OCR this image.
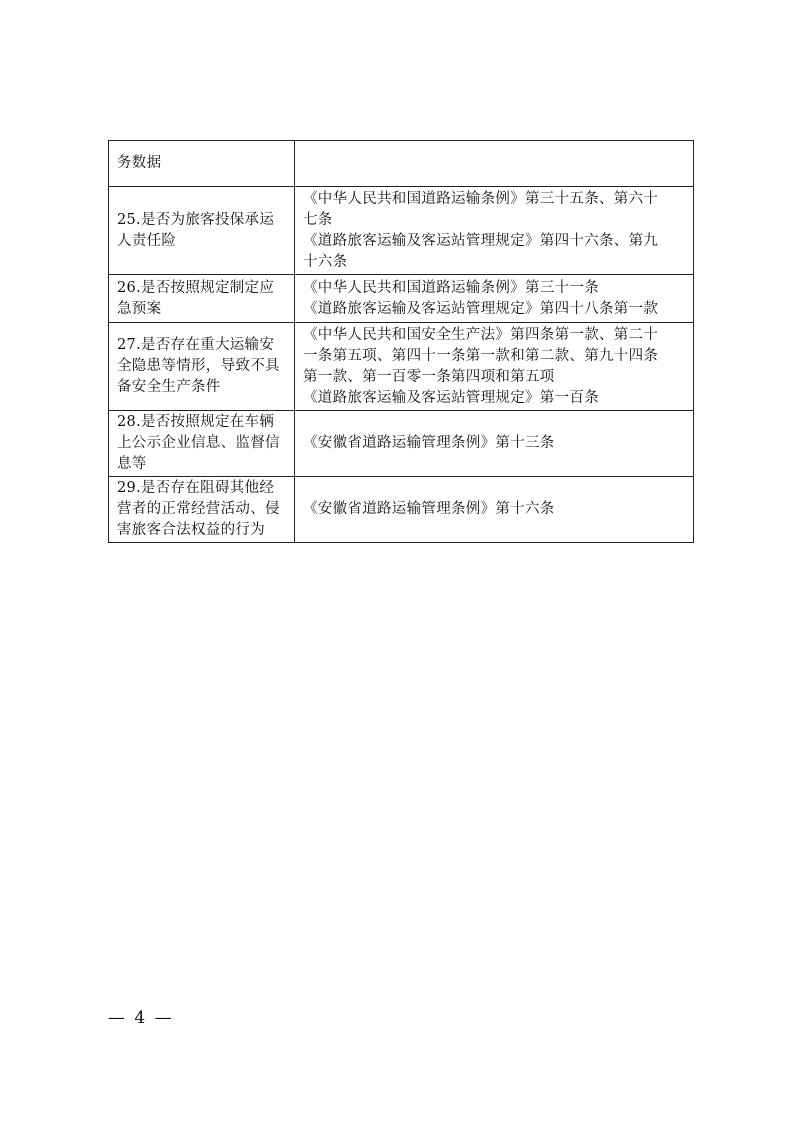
务数据	

25.是否为旅客投保承运
人责任险	《中华人民共和国道路运输条例》第三十五条、第六十
七条
《道路旅客运输及客运站管理规定》第四十六条、第九
十六条

26.是否按照规定制定应
急预案	《中华人民共和国道路运输条例》第三十一条
《道路旅客运输及客运站管理规定》第四十八条第一款

27.是否存在重大运输安
全隐患等情形，导致不具
备安全生产条件	《中华人民共和国安全生产法》第四条第一款、第二十
一条第五项、第四十一条第一款和第二款、第九十四条
第一款、第一百零一条第四项和第五项
《道路旅客运输及客运站管理规定》第一百条

28.是否按照规定在车辆
上公示企业信息、监督信
息等	《安徽省道路运输管理条例》第十三条

29.是否存在阻碍其他经
营者的正常经营活动、侵
害旅客合法权益的行为	《安徽省道路运输管理条例》第十六条
— 4 —
